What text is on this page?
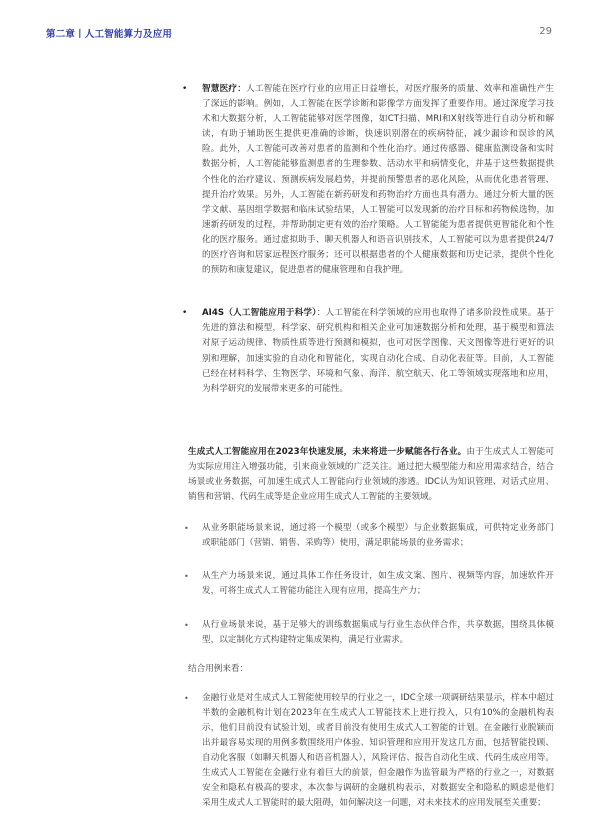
第二章丨人工智能算力及应用	29
• 智慧医疗：人工智能在医疗行业的应用正日益增长，对医疗服务的质量、效率和准确性产生了深远的影响。例如，人工智能在医学诊断和影像学方面发挥了重要作用。通过深度学习技术和大数据分析，人工智能能够对医学图像，如CT扫描、MRI和X射线等进行自动分析和解读，有助于辅助医生提供更准确的诊断，快速识别潜在的疾病特征，减少漏诊和误诊的风险。此外，人工智能可改善对患者的监测和个性化治疗。通过传感器、健康监测设备和实时数据分析，人工智能能够监测患者的生理参数、活动水平和病情变化，并基于这些数据提供个性化的治疗建议、预测疾病发展趋势，并提前预警患者的恶化风险，从而优化患者管理、提升治疗效果。另外，人工智能在新药研发和药物治疗方面也具有潜力。通过分析大量的医学文献、基因组学数据和临床试验结果，人工智能可以发现新的治疗目标和药物候选物，加速新药研发的过程，并帮助制定更有效的治疗策略。人工智能能为患者提供更智能化和个性化的医疗服务。通过虚拟助手、聊天机器人和语音识别技术，人工智能可以为患者提供24/7的医疗咨询和居家远程医疗服务；还可以根据患者的个人健康数据和历史记录，提供个性化的预防和康复建议，促进患者的健康管理和自我护理。
• AI4S（人工智能应用于科学）：人工智能在科学领域的应用也取得了诸多阶段性成果。基于先进的算法和模型，科学家、研究机构和相关企业可加速数据分析和处理，基于模型和算法对原子运动规律、物质性质等进行预测和模拟，也可对医学图像、天文图像等进行更好的识别和理解，加速实验的自动化和智能化，实现自动化合成、自动化表征等。目前，人工智能已经在材料科学、生物医学、环境和气象、海洋、航空航天、化工等领域实现落地和应用，为科学研究的发展带来更多的可能性。
生成式人工智能应用在2023年快速发展，未来将进一步赋能各行各业。由于生成式人工智能可为实际应用注入增强功能，引来商业领域的广泛关注。通过把大模型能力和应用需求结合，结合场景或业务数据，可加速生成式人工智能向行业领域的渗透。IDC认为知识管理、对话式应用、销售和营销、代码生成等是企业应用生成式人工智能的主要领域。
• 从业务职能场景来说，通过将一个模型（或多个模型）与企业数据集成，可供特定业务部门或职能部门（营销、销售、采购等）使用，满足职能场景的业务需求；
• 从生产力场景来说，通过具体工作任务设计，如生成文案、图片、视频等内容，加速软件开发，可将生成式人工智能功能注入现有应用，提高生产力；
• 从行业场景来说，基于足够大的训练数据集成与行业生态伙伴合作，共享数据，围绕具体模型，以定制化方式构建特定集成架构，满足行业需求。
结合用例来看：
• 金融行业是对生成式人工智能使用较早的行业之一，IDC全球一项调研结果显示，样本中超过半数的金融机构计划在2023年在生成式人工智能技术上进行投入，只有10%的金融机构表示，他们目前没有试验计划，或者目前没有使用生成式人工智能的计划。在金融行业脱颖而出并最容易实现的用例多数围绕用户体验、知识管理和应用开发这几方面，包括智能投顾、自动化客服（如聊天机器人和语音机器人），风险评估、报告自动化生成、代码生成应用等。生成式人工智能在金融行业有着巨大的前景，但金融作为监管最为严格的行业之一，对数据安全和隐私有极高的要求，本次参与调研的金融机构表示，对数据安全和隐私的顾虑是他们采用生成式人工智能时的最大阻碍，如何解决这一问题，对未来技术的应用发展至关重要；
